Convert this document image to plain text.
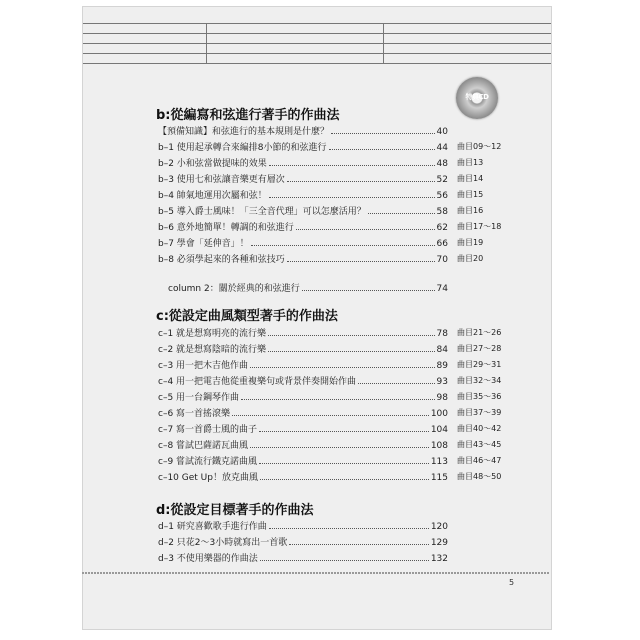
特典CD
b:從編寫和弦進行著手的作曲法
【預備知識】和弦進行的基本規則是什麼？	40
b–1 使用起承轉合來編排8小節的和弦進行	44 曲目09～12
b–2 小和弦當做提味的效果	48 曲目13
b–3 使用七和弦讓音樂更有層次	52 曲目14
b–4 帥氣地運用次屬和弦！	56 曲目15
b–5 導入爵士風味！「三全音代理」可以怎麼活用？	58 曲目16
b–6 意外地簡單！轉調的和弦進行	62 曲目17～18
b–7 學會「延伸音」！	66 曲目19
b–8 必須學起來的各種和弦技巧	70 曲目20
column 2：關於經典的和弦進行	74
c:從設定曲風類型著手的作曲法
c–1 就是想寫明亮的流行樂	78 曲目21～26
c–2 就是想寫陰暗的流行樂	84 曲目27～28
c–3 用一把木吉他作曲	89 曲目29～31
c–4 用一把電吉他從重複樂句或背景伴奏開始作曲	93 曲目32～34
c–5 用一台鋼琴作曲	98 曲目35～36
c–6 寫一首搖滾樂	100 曲目37～39
c–7 寫一首爵士風的曲子	104 曲目40～42
c–8 嘗試巴薩諾瓦曲風	108 曲目43～45
c–9 嘗試流行鐵克諾曲風	113 曲目46～47
c–10 Get Up！放克曲風	115 曲目48～50
d:從設定目標著手的作曲法
d–1 研究喜歡歌手進行作曲	120
d–2 只花2～3小時就寫出一首歌	129
d–3 不使用樂器的作曲法	132
5
